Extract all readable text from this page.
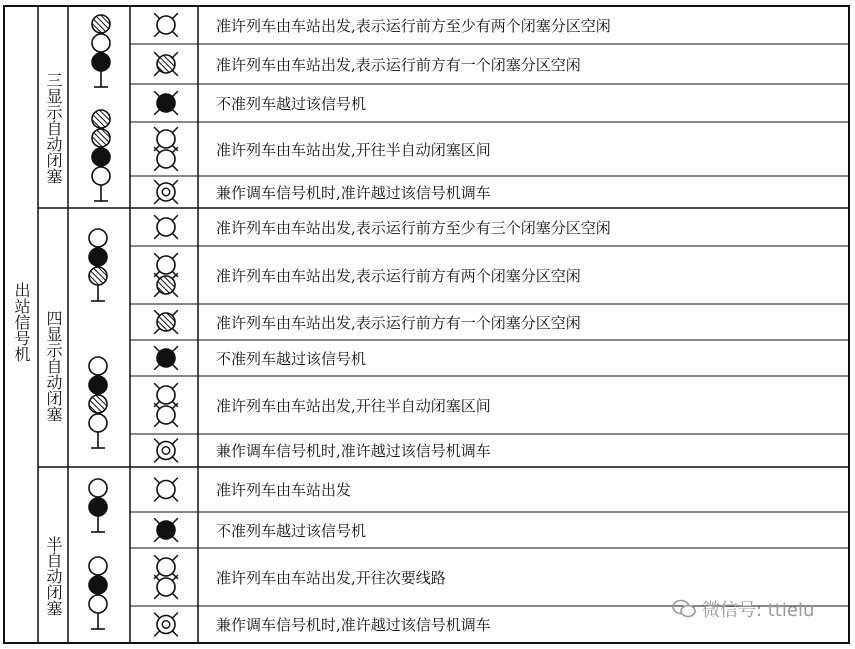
出站信号机
三显示自动闭塞
四显示自动闭塞
半自动闭塞
准许列车由车站出发,表示运行前方至少有两个闭塞分区空闲
准许列车由车站出发,表示运行前方有一个闭塞分区空闲
不准列车越过该信号机
准许列车由车站出发,开往半自动闭塞区间
兼作调车信号机时,准许越过该信号机调车
准许列车由车站出发,表示运行前方至少有三个闭塞分区空闲
准许列车由车站出发,表示运行前方有两个闭塞分区空闲
准许列车由车站出发,表示运行前方有一个闭塞分区空闲
不准列车越过该信号机
准许列车由车站出发,开往半自动闭塞区间
兼作调车信号机时,准许越过该信号机调车
准许列车由车站出发
不准列车越过该信号机
准许列车由车站出发,开往次要线路
兼作调车信号机时,准许越过该信号机调车
微信号: ttielu
